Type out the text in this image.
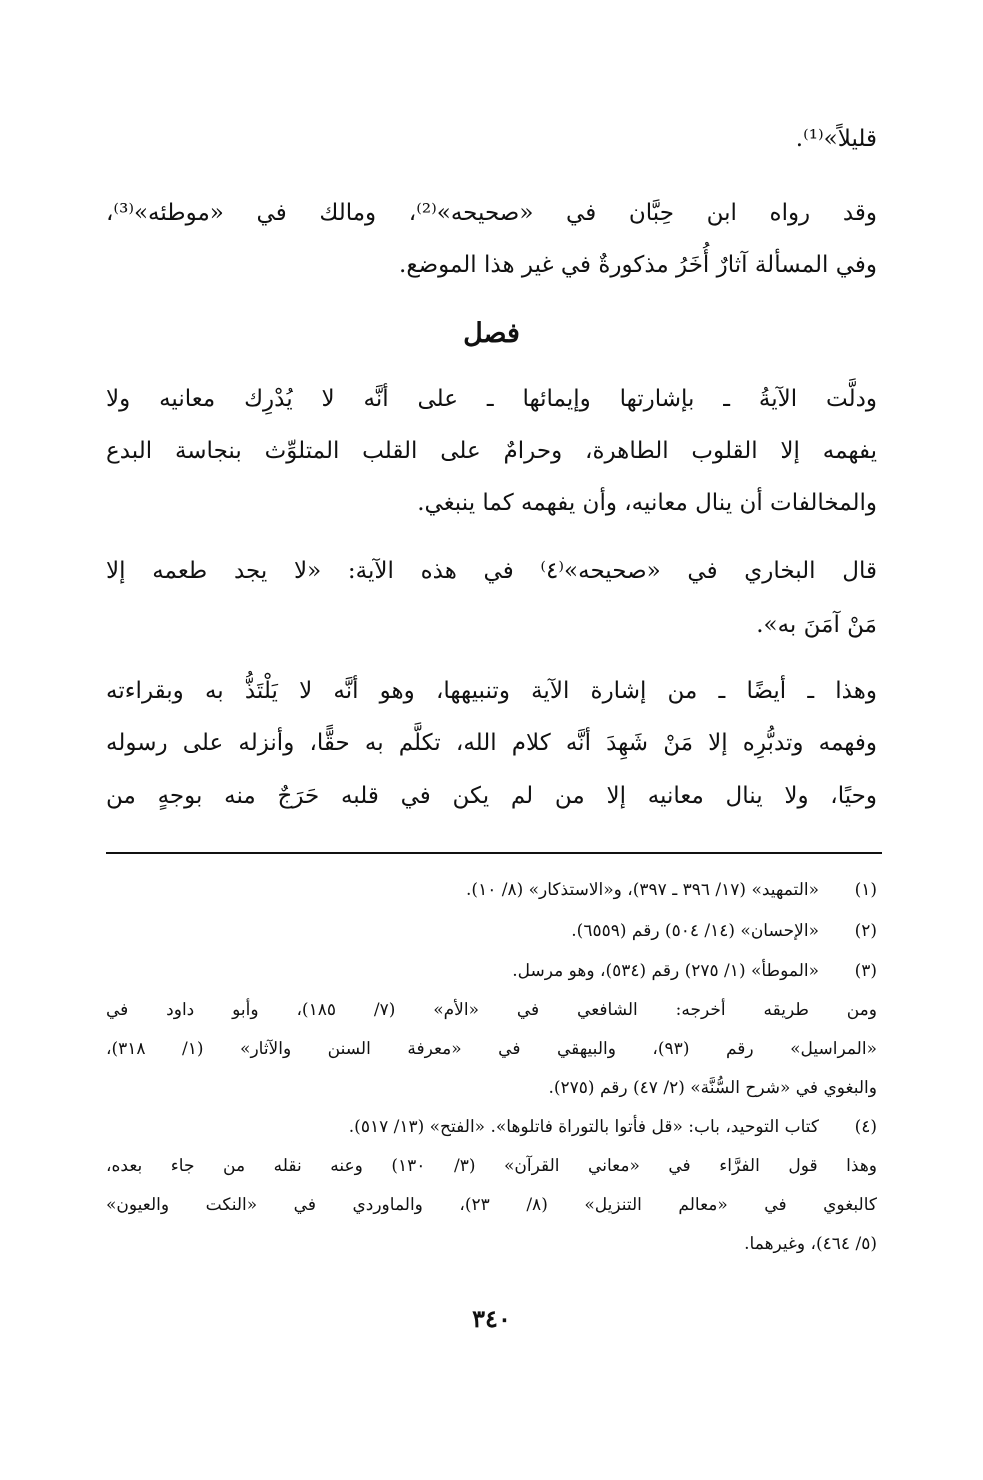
قليلاً»⁽¹⁾.
وقد رواه ابن حِبَّان في «صحيحه»⁽²⁾، ومالك في «موطئه»⁽³⁾،
وفي المسألة آثارٌ أُخَرُ مذكورةٌ في غير هذا الموضع.
فصل
ودلَّت الآيةُ ـ بإشارتها وإيمائها ـ على أنَّه لا يُدْرِك معانيه ولا
يفهمه إلا القلوب الطاهرة، وحرامٌ على القلب المتلوِّث بنجاسة البدع
والمخالفات أن ينال معانيه، وأن يفهمه كما ينبغي.
قال البخاري في «صحيحه»⁽٤⁾ في هذه الآية: «لا يجد طعمه إلا
مَنْ آمَنَ به».
وهذا ـ أيضًا ـ من إشارة الآية وتنبيهها، وهو أنَّه لا يَلْتَذُّ به وبقراءته
وفهمه وتدبُّرِه إلا مَنْ شَهِدَ أنَّه كلام الله، تكلَّم به حقًّا، وأنزله على رسوله
وحيًا، ولا ينال معانيه إلا من لم يكن في قلبه حَرَجٌ منه بوجهٍ من
(١)«التمهيد» (١٧/ ٣٩٦ ـ ٣٩٧)، و«الاستذكار» (٨/ ١٠).
(٢)«الإحسان» (١٤/ ٥٠٤) رقم (٦٥٥٩).
(٣)«الموطأ» (١/ ٢٧٥) رقم (٥٣٤)، وهو مرسل.
ومن طريقه أخرجه: الشافعي في «الأم» (٧/ ١٨٥)، وأبو داود في
«المراسيل» رقم (٩٣)، والبيهقي في «معرفة السنن والآثار» (١/ ٣١٨)،
والبغوي في «شرح السُّنَّة» (٢/ ٤٧) رقم (٢٧٥).
(٤)كتاب التوحيد، باب: «قل فأتوا بالتوراة فاتلوها». «الفتح» (١٣/ ٥١٧).
وهذا قول الفرَّاء في «معاني القرآن» (٣/ ١٣٠) وعنه نقله من جاء بعده،
كالبغوي في «معالم التنزيل» (٨/ ٢٣)، والماوردي في «النكت والعيون»
(٥/ ٤٦٤)، وغيرهما.
٣٤٠
